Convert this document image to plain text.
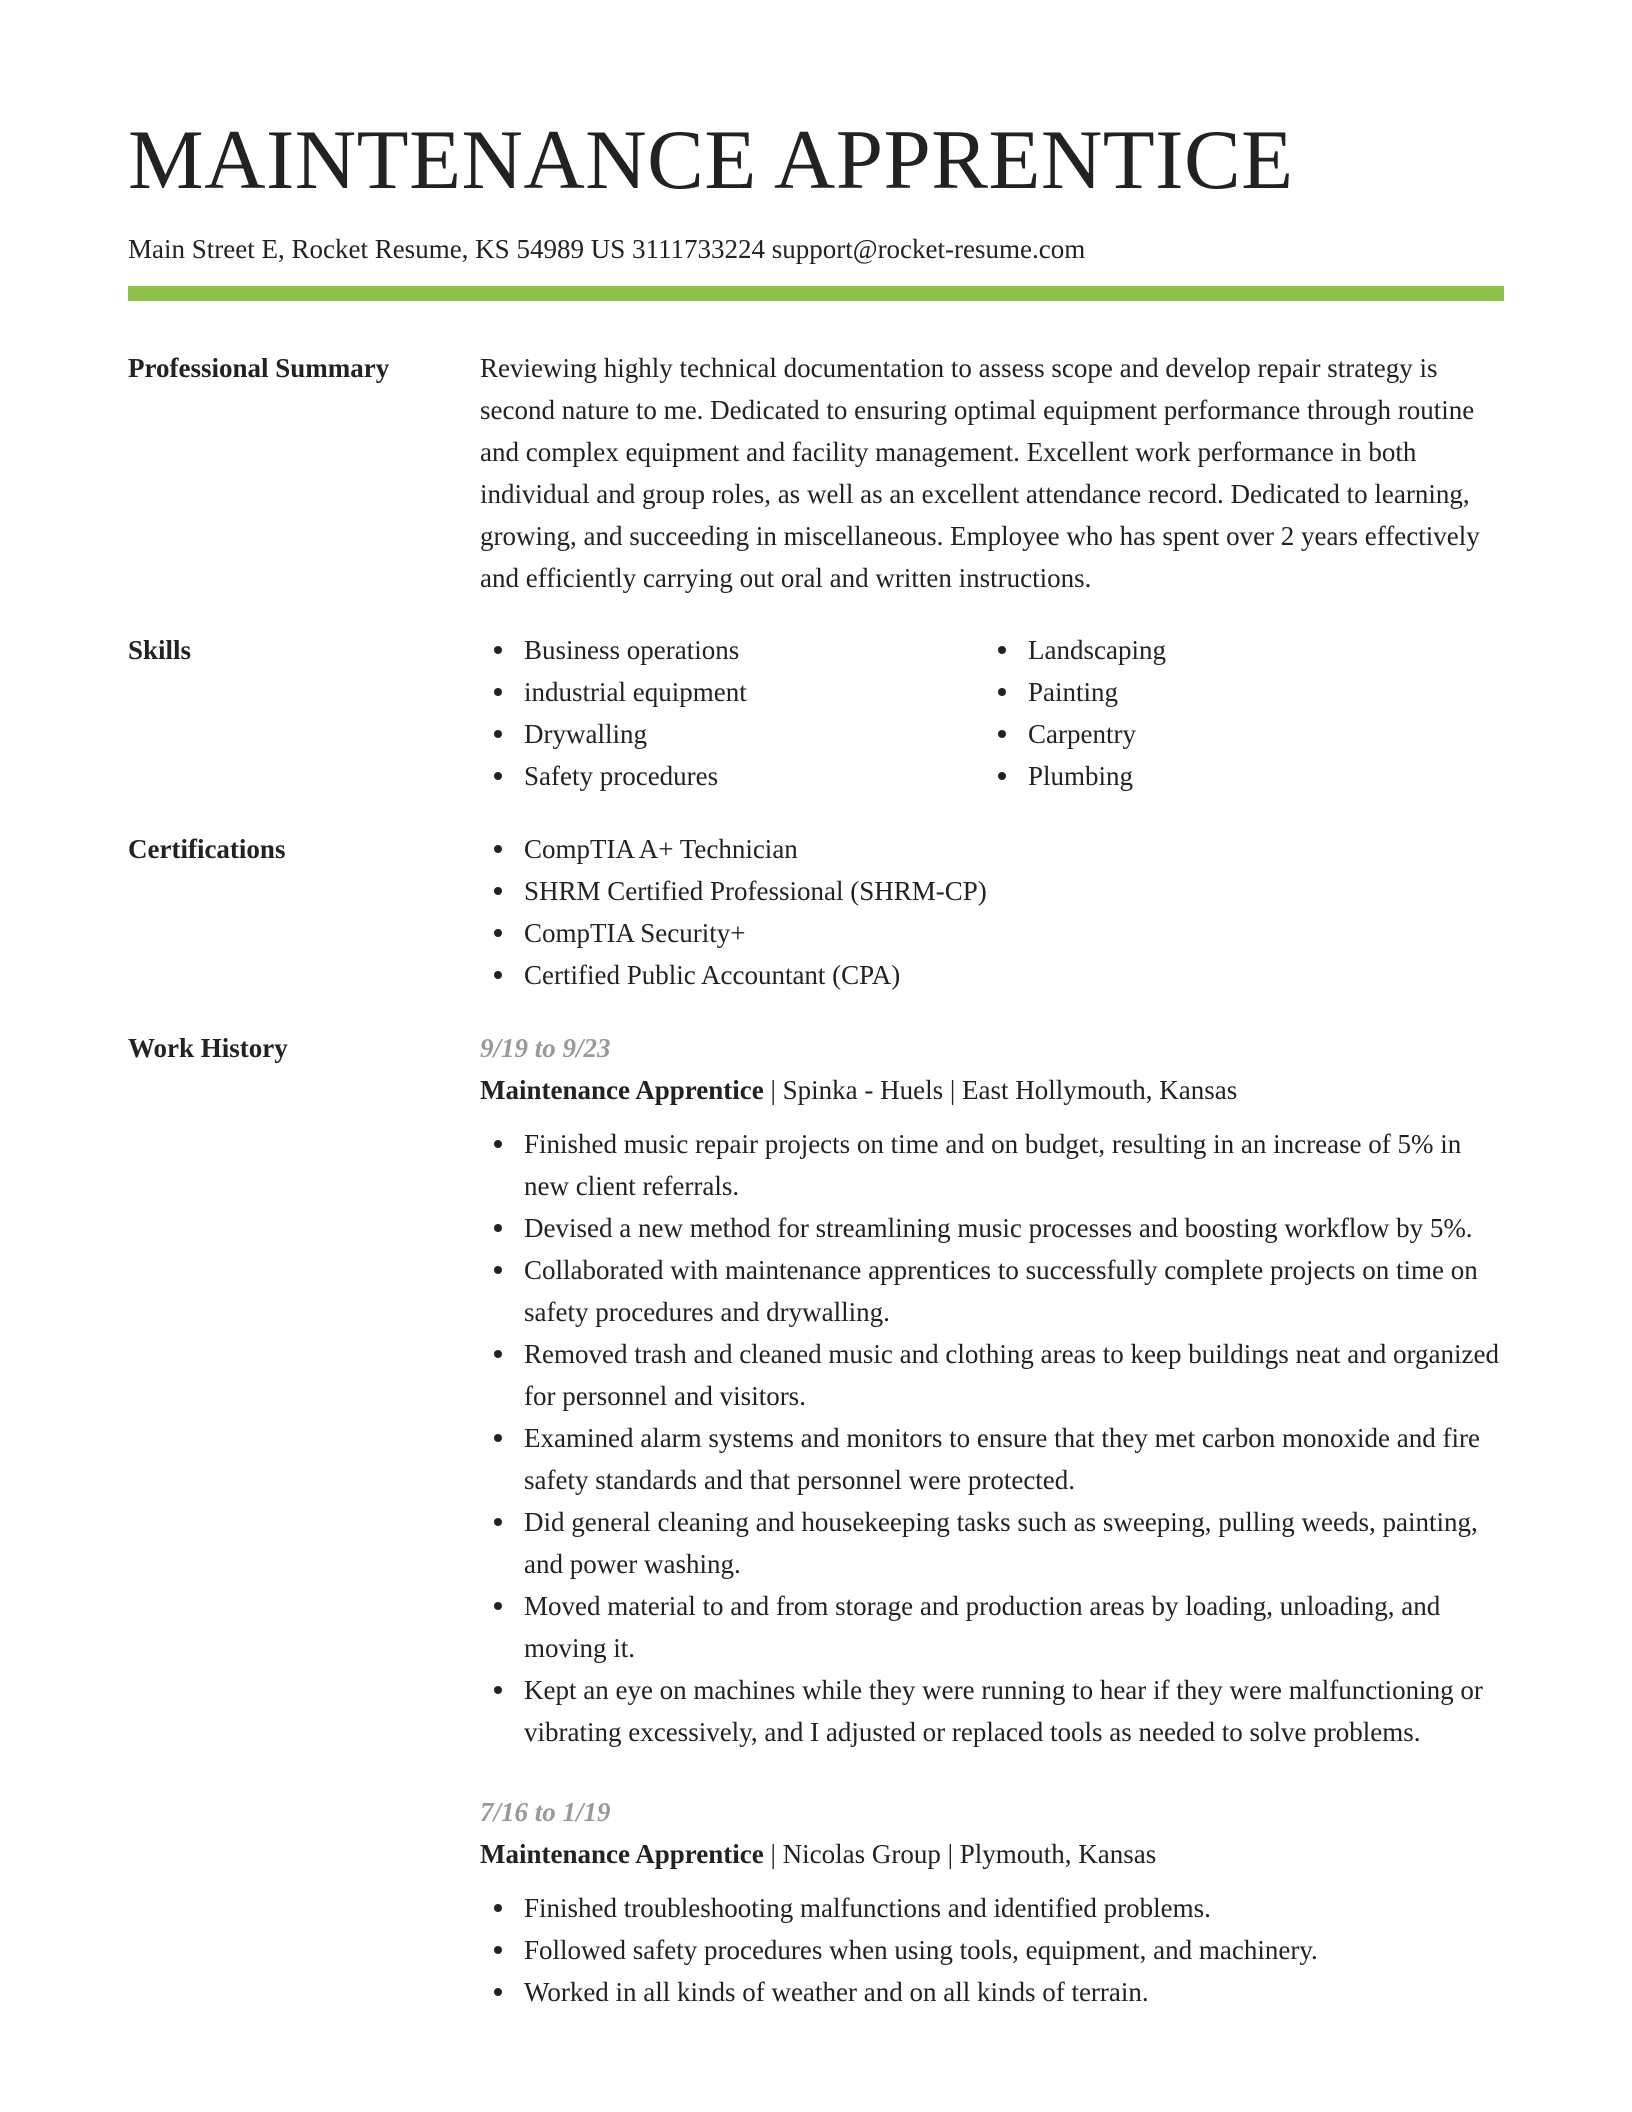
MAINTENANCE APPRENTICE
Main Street E, Rocket Resume, KS 54989 US 3111733224 support@rocket-resume.com
Professional Summary	Reviewing highly technical documentation to assess scope and develop repair strategy is second nature to me. Dedicated to ensuring optimal equipment performance through routine and complex equipment and facility management. Excellent work performance in both individual and group roles, as well as an excellent attendance record. Dedicated to learning, growing, and succeeding in miscellaneous. Employee who has spent over 2 years effectively and efficiently carrying out oral and written instructions.

Skills	Business operations
industrial equipment
Drywalling
Safety procedures
Landscaping
Painting
Carpentry
Plumbing
Certifications	CompTIA A+ Technician
SHRM Certified Professional (SHRM-CP)
CompTIA Security+
Certified Public Accountant (CPA)
Work History	9/19 to 9/23
Maintenance Apprentice | Spinka - Huels | East Hollymouth, Kansas
Finished music repair projects on time and on budget, resulting in an increase of 5% in new client referrals.
Devised a new method for streamlining music processes and boosting workflow by 5%.
Collaborated with maintenance apprentices to successfully complete projects on time on safety procedures and drywalling.
Removed trash and cleaned music and clothing areas to keep buildings neat and organized for personnel and visitors.
Examined alarm systems and monitors to ensure that they met carbon monoxide and fire safety standards and that personnel were protected.
Did general cleaning and housekeeping tasks such as sweeping, pulling weeds, painting, and power washing.
Moved material to and from storage and production areas by loading, unloading, and moving it.
Kept an eye on machines while they were running to hear if they were malfunctioning or vibrating excessively, and I adjusted or replaced tools as needed to solve problems.
7/16 to 1/19
Maintenance Apprentice | Nicolas Group | Plymouth, Kansas
Finished troubleshooting malfunctions and identified problems.
Followed safety procedures when using tools, equipment, and machinery.
Worked in all kinds of weather and on all kinds of terrain.
